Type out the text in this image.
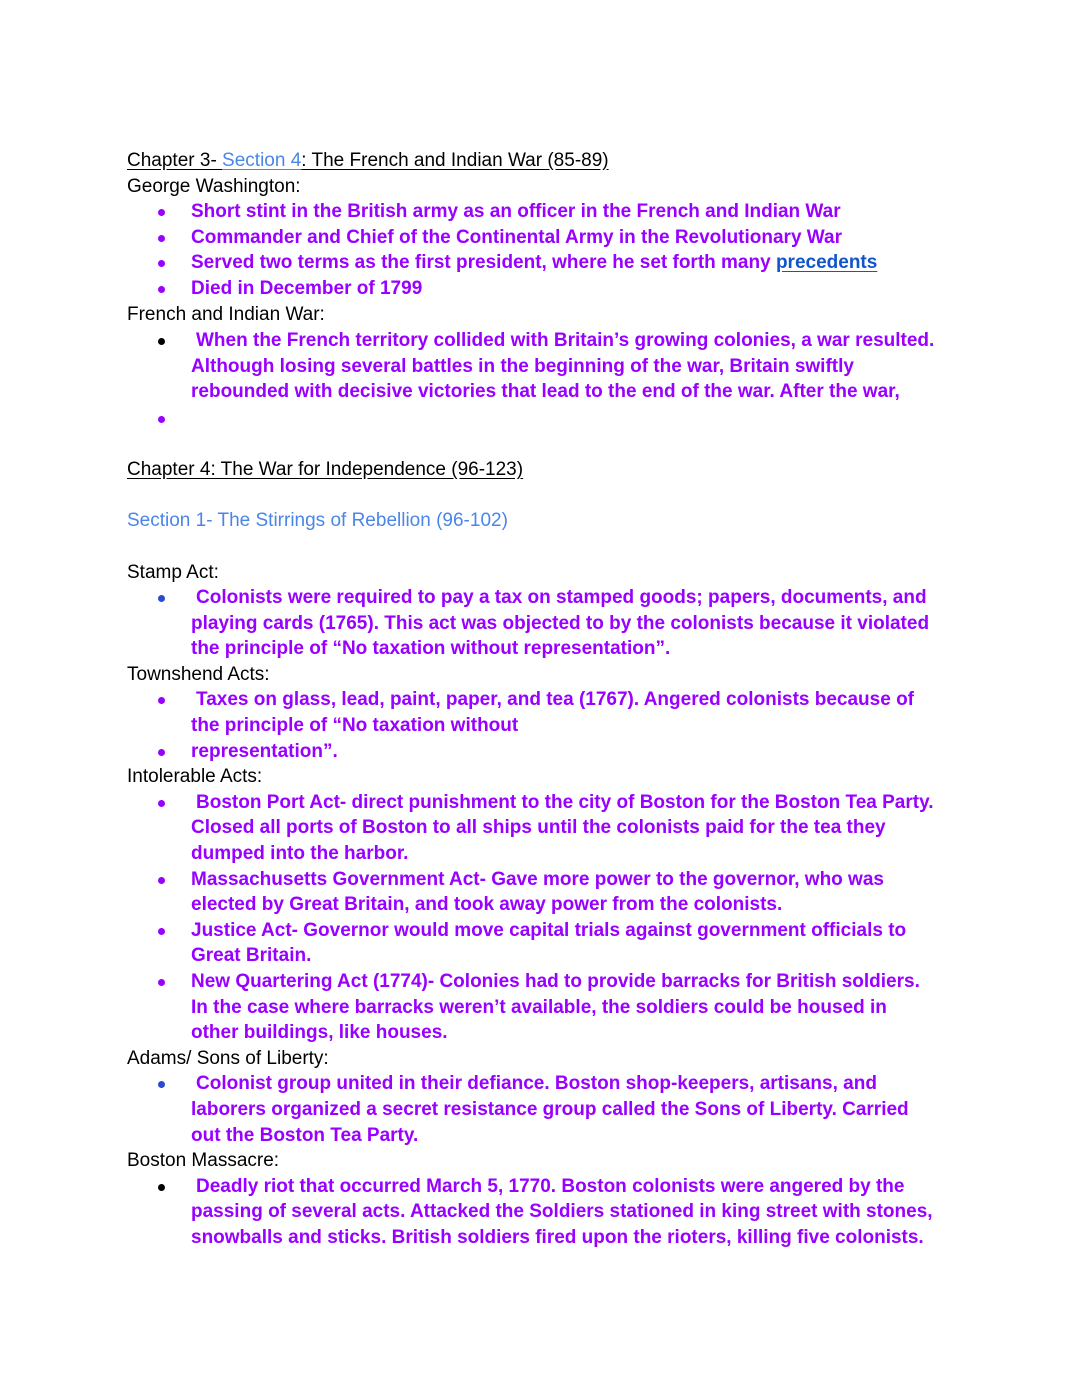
Chapter 3- Section 4: The French and Indian War (85-89)
George Washington:
Short stint in the British army as an officer in the French and Indian War
Commander and Chief of the Continental Army in the Revolutionary War
Served two terms as the first president, where he set forth many precedents
Died in December of 1799
French and Indian War:
When the French territory collided with Britain’s growing colonies, a war resulted.
Although losing several battles in the beginning of the war, Britain swiftly
rebounded with decisive victories that lead to the end of the war. After the war,
Chapter 4: The War for Independence (96-123)
Section 1- The Stirrings of Rebellion (96-102)
Stamp Act:
Colonists were required to pay a tax on stamped goods; papers, documents, and
playing cards (1765). This act was objected to by the colonists because it violated
the principle of “No taxation without representation”.
Townshend Acts:
Taxes on glass, lead, paint, paper, and tea (1767). Angered colonists because of
the principle of “No taxation without
representation”.
Intolerable Acts:
Boston Port Act- direct punishment to the city of Boston for the Boston Tea Party.
Closed all ports of Boston to all ships until the colonists paid for the tea they
dumped into the harbor.
Massachusetts Government Act- Gave more power to the governor, who was
elected by Great Britain, and took away power from the colonists.
Justice Act- Governor would move capital trials against government officials to
Great Britain.
New Quartering Act (1774)- Colonies had to provide barracks for British soldiers.
In the case where barracks weren’t available, the soldiers could be housed in
other buildings, like houses.
Adams/ Sons of Liberty:
Colonist group united in their defiance. Boston shop-keepers, artisans, and
laborers organized a secret resistance group called the Sons of Liberty. Carried
out the Boston Tea Party.
Boston Massacre:
Deadly riot that occurred March 5, 1770. Boston colonists were angered by the
passing of several acts. Attacked the Soldiers stationed in king street with stones,
snowballs and sticks. British soldiers fired upon the rioters, killing five colonists.
